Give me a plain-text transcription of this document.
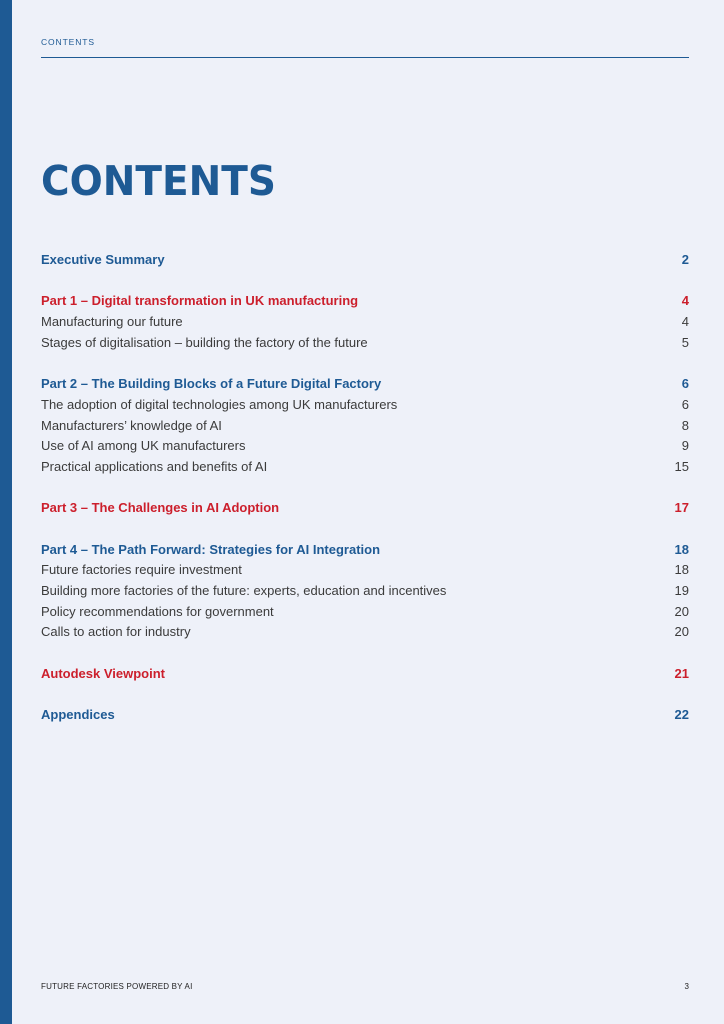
CONTENTS
CONTENTS
Executive Summary	2
Part 1 – Digital transformation in UK manufacturing	4
Manufacturing our future	4
Stages of digitalisation – building the factory of the future	5
Part 2 – The Building Blocks of a Future Digital Factory	6
The adoption of digital technologies among UK manufacturers	6
Manufacturers’ knowledge of AI	8
Use of AI among UK manufacturers	9
Practical applications and benefits of AI	15
Part 3 – The Challenges in AI Adoption	17
Part 4 – The Path Forward: Strategies for AI Integration	18
Future factories require investment	18
Building more factories of the future: experts, education and incentives	19
Policy recommendations for government	20
Calls to action for industry	20
Autodesk Viewpoint	21
Appendices	22
FUTURE FACTORIES POWERED BY AI	3
